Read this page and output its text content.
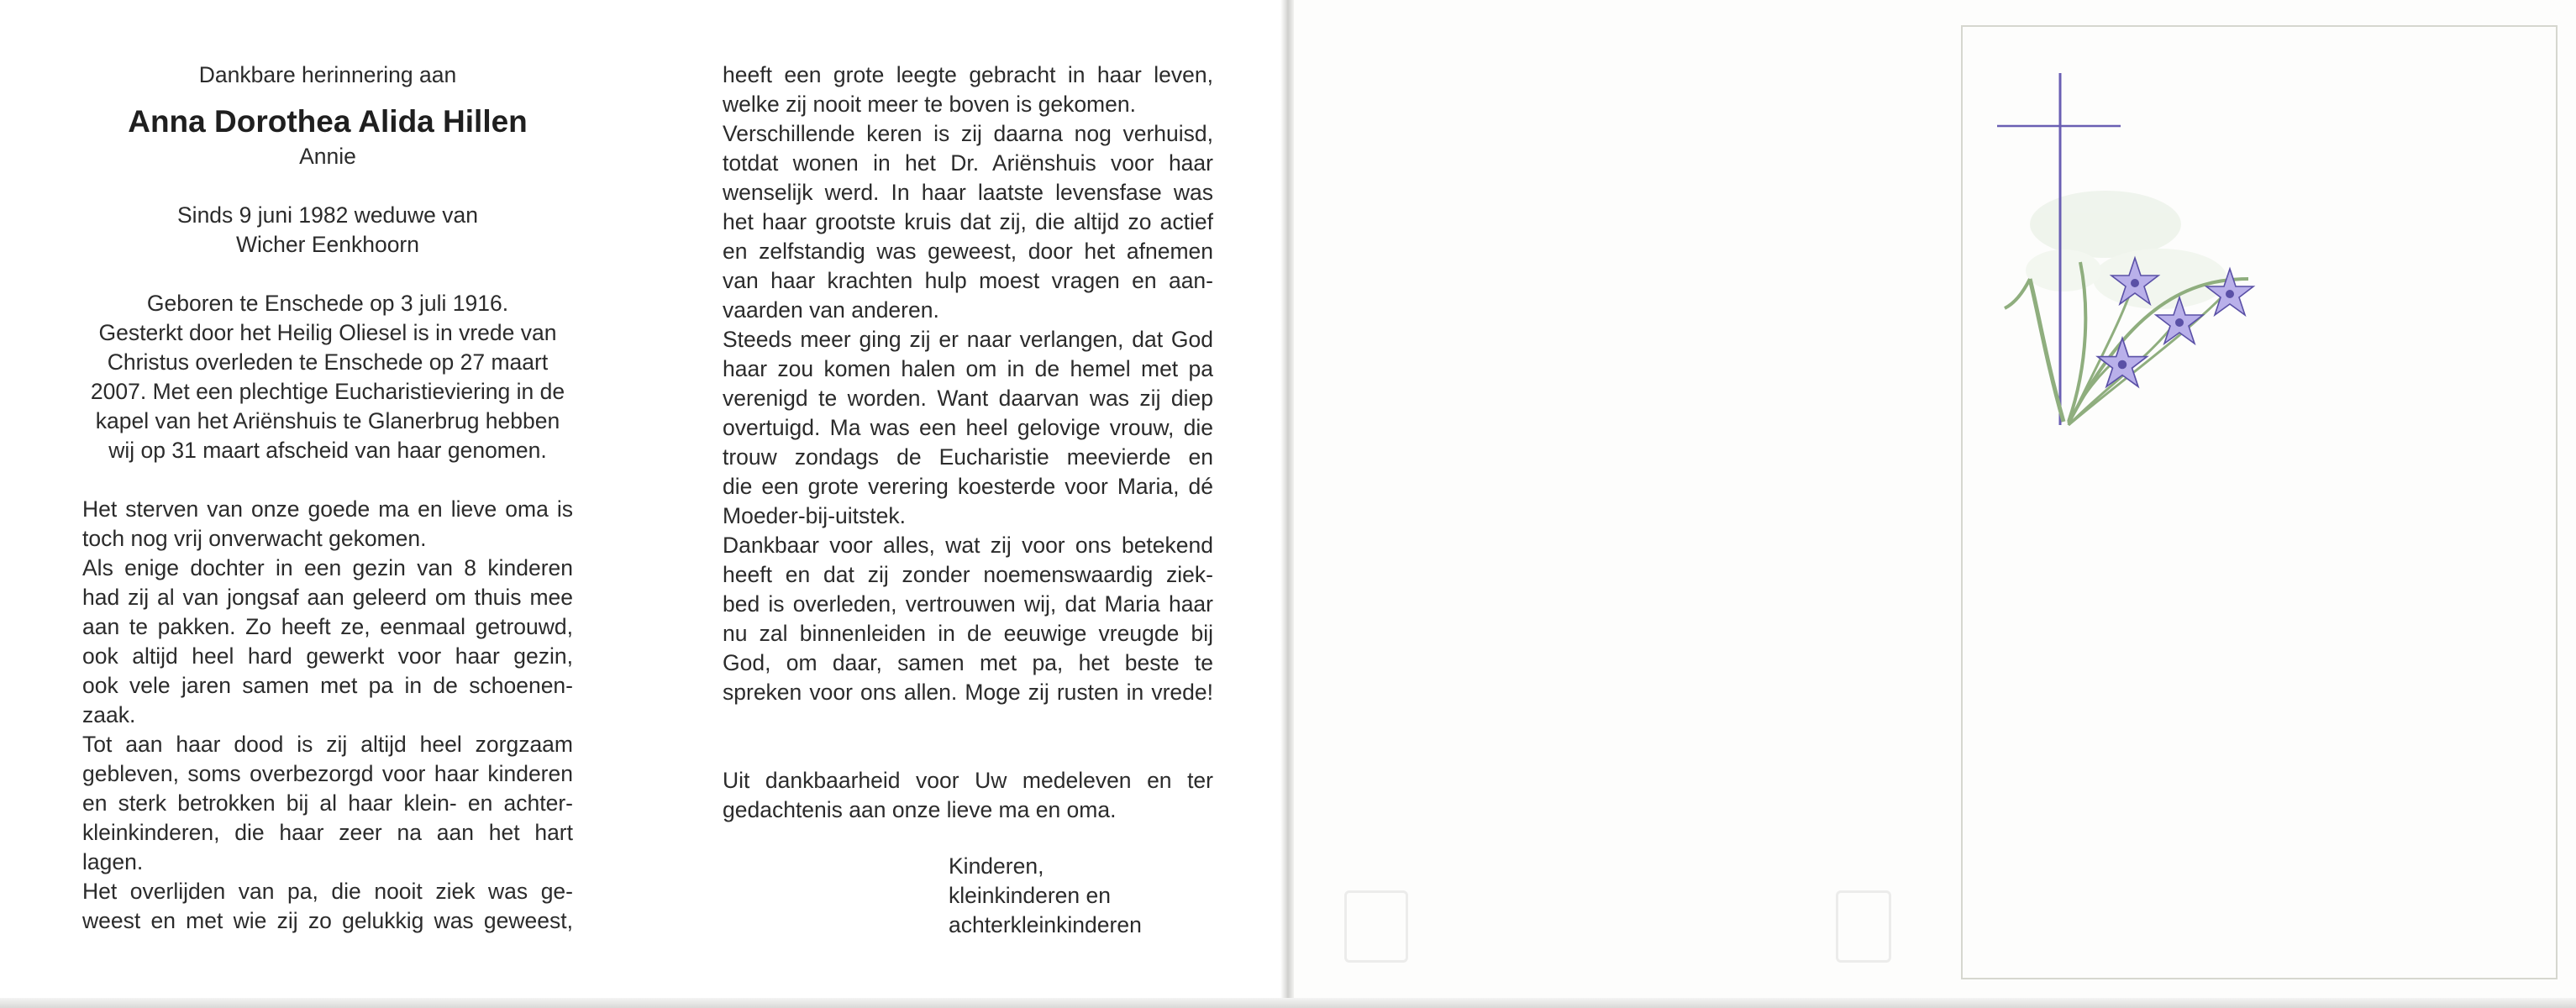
Dankbare herinnering aan
Anna Dorothea Alida Hillen
Annie
Sinds 9 juni 1982 weduwe van
Wicher Eenkhoorn
Geboren te Enschede op 3 juli 1916.
Gesterkt door het Heilig Oliesel is in vrede van
Christus overleden te Enschede op 27 maart
2007. Met een plechtige Eucharistieviering in de
kapel van het Ariënshuis te Glanerbrug hebben
wij op 31 maart afscheid van haar genomen.
Het sterven van onze goede ma en lieve oma is
toch nog vrij onverwacht gekomen.
Als enige dochter in een gezin van 8 kinderen
had zij al van jongsaf aan geleerd om thuis mee
aan te pakken. Zo heeft ze, eenmaal getrouwd,
ook altijd heel hard gewerkt voor haar gezin,
ook vele jaren samen met pa in de schoenen-
zaak.
Tot aan haar dood is zij altijd heel zorgzaam
gebleven, soms overbezorgd voor haar kinderen
en sterk betrokken bij al haar klein- en achter-
kleinkinderen, die haar zeer na aan het hart
lagen.
Het overlijden van pa, die nooit ziek was ge-
weest en met wie zij zo gelukkig was geweest,
heeft een grote leegte gebracht in haar leven,
welke zij nooit meer te boven is gekomen.
Verschillende keren is zij daarna nog verhuisd,
totdat wonen in het Dr. Ariënshuis voor haar
wenselijk werd. In haar laatste levensfase was
het haar grootste kruis dat zij, die altijd zo actief
en zelfstandig was geweest, door het afnemen
van haar krachten hulp moest vragen en aan-
vaarden van anderen.
Steeds meer ging zij er naar verlangen, dat God
haar zou komen halen om in de hemel met pa
verenigd te worden. Want daarvan was zij diep
overtuigd. Ma was een heel gelovige vrouw, die
trouw zondags de Eucharistie meevierde en
die een grote verering koesterde voor Maria, dé
Moeder-bij-uitstek.
Dankbaar voor alles, wat zij voor ons betekend
heeft en dat zij zonder noemenswaardig ziek-
bed is overleden, vertrouwen wij, dat Maria haar
nu zal binnenleiden in de eeuwige vreugde bij
God, om daar, samen met pa, het beste te
spreken voor ons allen. Moge zij rusten in vrede!
Uit dankbaarheid voor Uw medeleven en ter
gedachtenis aan onze lieve ma en oma.
Kinderen,
kleinkinderen en
achterkleinkinderen
